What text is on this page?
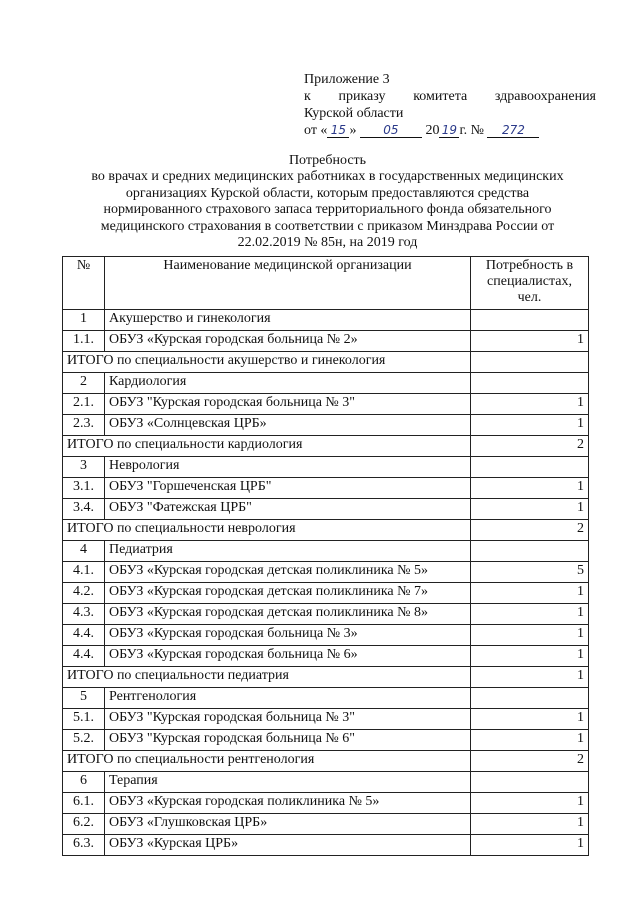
Приложение 3
к приказу комитета здравоохранения
Курской области
от « 15 » 05 20 19 г. № 272
Потребность
во врачах и средних медицинских работниках в государственных медицинских
организациях Курской области, которым предоставляются средства
нормированного страхового запаса территориального фонда обязательного
медицинского страхования в соответствии с приказом Минздрава России от
22.02.2019 № 85н, на 2019 год
№	Наименование медицинской организации	Потребность в специалистах, чел.
1	Акушерство и гинекология	
1.1.	ОБУЗ «Курская городская больница № 2»	1
ИТОГО по специальности акушерство и гинекология		
2	Кардиология	
2.1.	ОБУЗ "Курская городская больница № 3"	1
2.3.	ОБУЗ «Солнцевская ЦРБ»	1
ИТОГО по специальности кардиология		2
3	Неврология	
3.1.	ОБУЗ "Горшеченская ЦРБ"	1
3.4.	ОБУЗ "Фатежская ЦРБ"	1
ИТОГО по специальности неврология		2
4	Педиатрия	
4.1.	ОБУЗ «Курская городская детская поликлиника № 5»	5
4.2.	ОБУЗ «Курская городская детская поликлиника № 7»	1
4.3.	ОБУЗ «Курская городская детская поликлиника № 8»	1
4.4.	ОБУЗ «Курская городская больница № 3»	1
4.4.	ОБУЗ «Курская городская больница № 6»	1
ИТОГО по специальности педиатрия		1
5	Рентгенология	
5.1.	ОБУЗ "Курская городская больница № 3"	1
5.2.	ОБУЗ "Курская городская больница № 6"	1
ИТОГО по специальности рентгенология		2
6	Терапия	
6.1.	ОБУЗ «Курская городская поликлиника № 5»	1
6.2.	ОБУЗ «Глушковская ЦРБ»	1
6.3.	ОБУЗ «Курская ЦРБ»	1
